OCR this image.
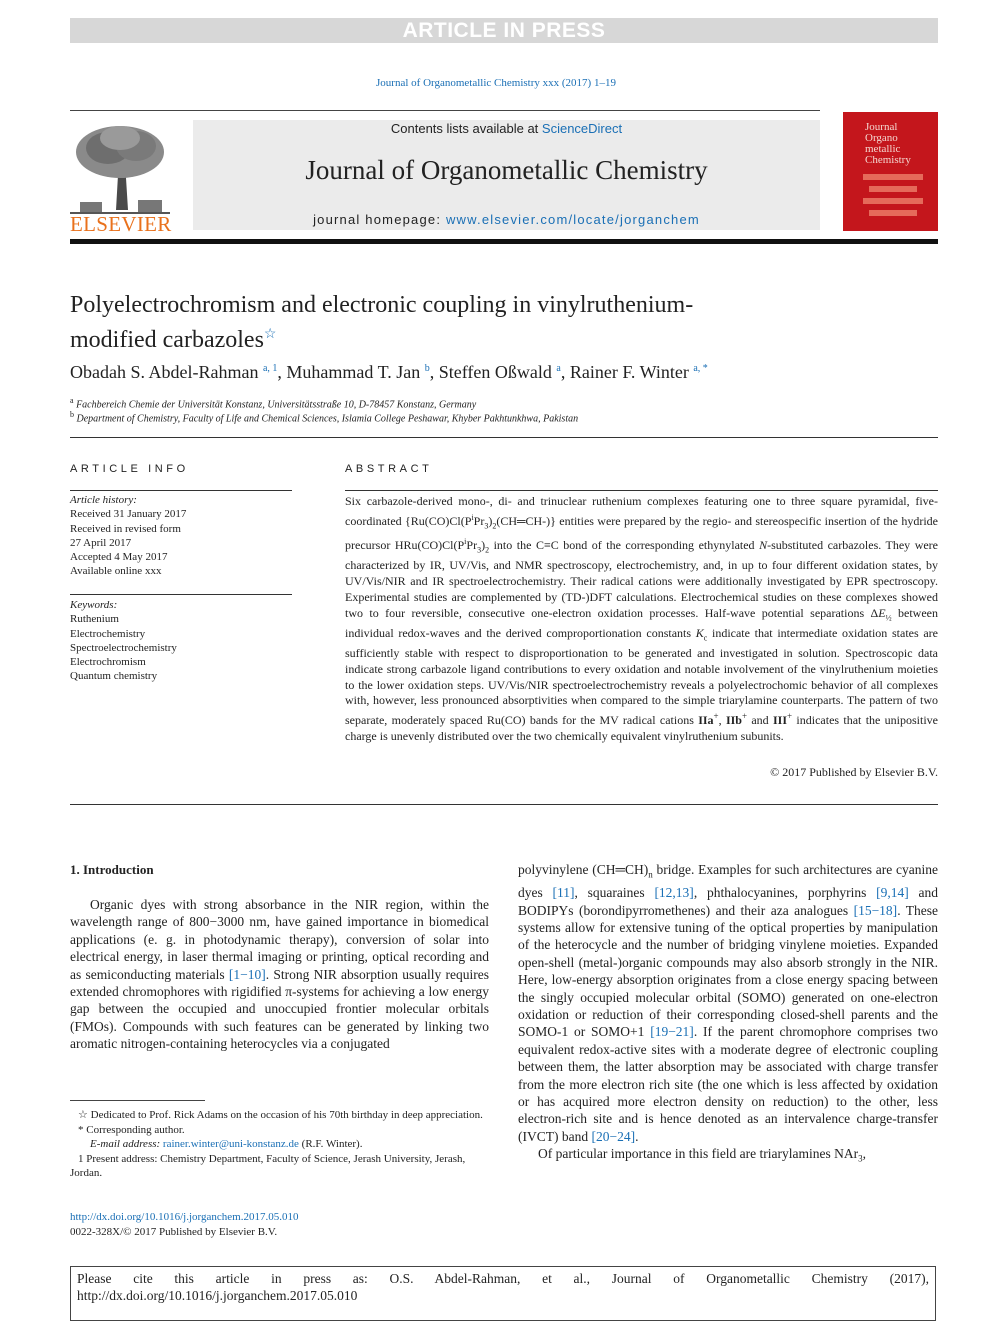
ARTICLE IN PRESS
Journal of Organometallic Chemistry xxx (2017) 1–19
ELSEVIER
Contents lists available at ScienceDirect
Journal of Organometallic Chemistry
journal homepage: www.elsevier.com/locate/jorganchem
Journal
Organo
metallic
Chemistry
Polyelectrochromism and electronic coupling in vinylruthenium-
modified carbazoles☆
Obadah S. Abdel-Rahman $^{a, 1}$, Muhammad T. Jan $^b$, Steffen Oßwald $^a$, Rainer F. Winter $^{a, *}$
$^a$ Fachbereich Chemie der Universität Konstanz, Universitätsstraße 10, D-78457 Konstanz, Germany
$^b$ Department of Chemistry, Faculty of Life and Chemical Sciences, Islamia College Peshawar, Khyber Pakhtunkhwa, Pakistan
ARTICLE INFO	ABSTRACT
Article history:
Received 31 January 2017
Received in revised form
27 April 2017
Accepted 4 May 2017
Available online xxx
Keywords:
Ruthenium
Electrochemistry
Spectroelectrochemistry
Electrochromism
Quantum chemistry
Six carbazole-derived mono-, di- and trinuclear ruthenium complexes featuring one to three square pyramidal, five-coordinated $\{Ru(CO)Cl(P^iPr_3)_2(CH═CH-)\}$ entities were prepared by the regio- and stereospecific insertion of the hydride precursor $HRu(CO)Cl(P^iPr_3)_2$ into the C≡C bond of the corresponding ethynylated N-substituted carbazoles. They were characterized by IR, UV/Vis, and NMR spectroscopy, electrochemistry, and, in up to four different oxidation states, by UV/Vis/NIR and IR spectroelectrochemistry. Their radical cations were additionally investigated by EPR spectroscopy. Experimental studies are complemented by (TD-)DFT calculations. Electrochemical studies on these complexes showed two to four reversible, consecutive one-electron oxidation processes. Half-wave potential separations $\Delta E_{\frac{1}{2}}$ between individual redox-waves and the derived comproportionation constants $K_c$ indicate that intermediate oxidation states are sufficiently stable with respect to disproportionation to be generated and investigated in solution. Spectroscopic data indicate strong carbazole ligand contributions to every oxidation and notable involvement of the vinylruthenium moieties to the lower oxidation steps. UV/Vis/NIR spectroelectrochemistry reveals a polyelectrochomic behavior of all complexes with, however, less pronounced absorptivities when compared to the simple triarylamine counterparts. The pattern of two separate, moderately spaced Ru(CO) bands for the MV radical cations IIa+, IIb+ and III+ indicates that the unipositive charge is unevenly distributed over the two chemically equivalent vinylruthenium subunits.
© 2017 Published by Elsevier B.V.
1. Introduction
Organic dyes with strong absorbance in the NIR region, within the wavelength range of 800−3000 nm, have gained importance in biomedical applications (e. g. in photodynamic therapy), conversion of solar into electrical energy, in laser thermal imaging or printing, optical recording and as semiconducting materials [1−10]. Strong NIR absorption usually requires extended chromophores with rigidified π-systems for achieving a low energy gap between the occupied and unoccupied frontier molecular orbitals (FMOs). Compounds with such features can be generated by linking two aromatic nitrogen-containing heterocycles via a conjugated
polyvinylene $(CH═CH)_n$ bridge. Examples for such architectures are cyanine dyes [11], squaraines [12,13], phthalocyanines, porphyrins [9,14] and BODIPYs (borondipyrromethenes) and their aza analogues [15−18]. These systems allow for extensive tuning of the optical properties by manipulation of the heterocycle and the number of bridging vinylene moieties. Expanded open-shell (metal-)organic compounds may also absorb strongly in the NIR. Here, low-energy absorption originates from a close energy spacing between the singly occupied molecular orbital (SOMO) generated on one-electron oxidation or reduction of their corresponding closed-shell parents and the SOMO-1 or SOMO+1 [19−21]. If the parent chromophore comprises two equivalent redox-active sites with a moderate degree of electronic coupling between them, the latter absorption may be associated with charge transfer from the more electron rich site (the one which is less affected by oxidation or has acquired more electron density on reduction) to the other, less electron-rich site and is hence denoted as an intervalence charge-transfer (IVCT) band [20−24].
Of particular importance in this field are triarylamines NAr$_3$,
☆ Dedicated to Prof. Rick Adams on the occasion of his 70th birthday in deep appreciation.
* Corresponding author.
E-mail address: rainer.winter@uni-konstanz.de (R.F. Winter).
1 Present address: Chemistry Department, Faculty of Science, Jerash University, Jerash, Jordan.
http://dx.doi.org/10.1016/j.jorganchem.2017.05.010
0022-328X/© 2017 Published by Elsevier B.V.
Please cite this article in press as: O.S. Abdel-Rahman, et al., Journal of Organometallic Chemistry (2017), http://dx.doi.org/10.1016/j.jorganchem.2017.05.010
